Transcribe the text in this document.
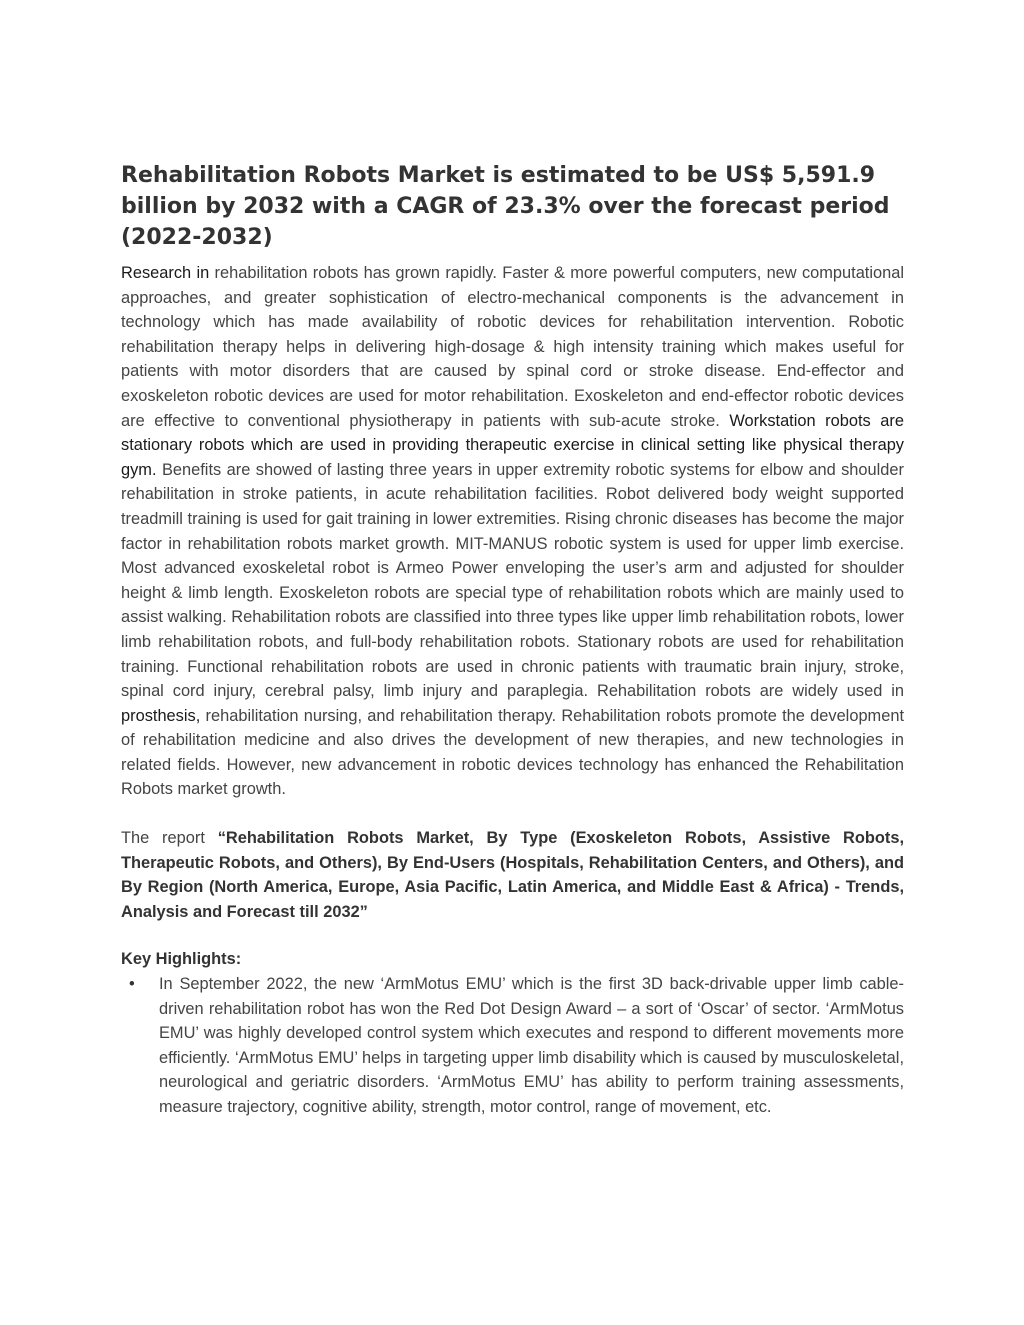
Rehabilitation Robots Market is estimated to be US$ 5,591.9 billion by 2032 with a CAGR of 23.3% over the forecast period (2022-2032)

Research in rehabilitation robots has grown rapidly. Faster & more powerful computers, new computational approaches, and greater sophistication of electro-mechanical components is the advancement in technology which has made availability of robotic devices for rehabilitation intervention. Robotic rehabilitation therapy helps in delivering high-dosage & high intensity training which makes useful for patients with motor disorders that are caused by spinal cord or stroke disease. End-effector and exoskeleton robotic devices are used for motor rehabilitation. Exoskeleton and end-effector robotic devices are effective to conventional physiotherapy in patients with sub-acute stroke. Workstation robots are stationary robots which are used in providing therapeutic exercise in clinical setting like physical therapy gym. Benefits are showed of lasting three years in upper extremity robotic systems for elbow and shoulder rehabilitation in stroke patients, in acute rehabilitation facilities. Robot delivered body weight supported treadmill training is used for gait training in lower extremities. Rising chronic diseases has become the major factor in rehabilitation robots market growth. MIT-MANUS robotic system is used for upper limb exercise. Most advanced exoskeletal robot is Armeo Power enveloping the user’s arm and adjusted for shoulder height & limb length. Exoskeleton robots are special type of rehabilitation robots which are mainly used to assist walking. Rehabilitation robots are classified into three types like upper limb rehabilitation robots, lower limb rehabilitation robots, and full-body rehabilitation robots. Stationary robots are used for rehabilitation training. Functional rehabilitation robots are used in chronic patients with traumatic brain injury, stroke, spinal cord injury, cerebral palsy, limb injury and paraplegia. Rehabilitation robots are widely used in prosthesis, rehabilitation nursing, and rehabilitation therapy. Rehabilitation robots promote the development of rehabilitation medicine and also drives the development of new therapies, and new technologies in related fields. However, new advancement in robotic devices technology has enhanced the Rehabilitation Robots market growth.

The report “Rehabilitation Robots Market, By Type (Exoskeleton Robots, Assistive Robots, Therapeutic Robots, and Others), By End-Users (Hospitals, Rehabilitation Centers, and Others), and By Region (North America, Europe, Asia Pacific, Latin America, and Middle East & Africa) - Trends, Analysis and Forecast till 2032”

Key Highlights:

• In September 2022, the new ‘ArmMotus EMU’ which is the first 3D back-drivable upper limb cable-driven rehabilitation robot has won the Red Dot Design Award – a sort of ‘Oscar’ of sector. ‘ArmMotus EMU’ was highly developed control system which executes and respond to different movements more efficiently. ‘ArmMotus EMU’ helps in targeting upper limb disability which is caused by musculoskeletal, neurological and geriatric disorders. ‘ArmMotus EMU’ has ability to perform training assessments, measure trajectory, cognitive ability, strength, motor control, range of movement, etc.
